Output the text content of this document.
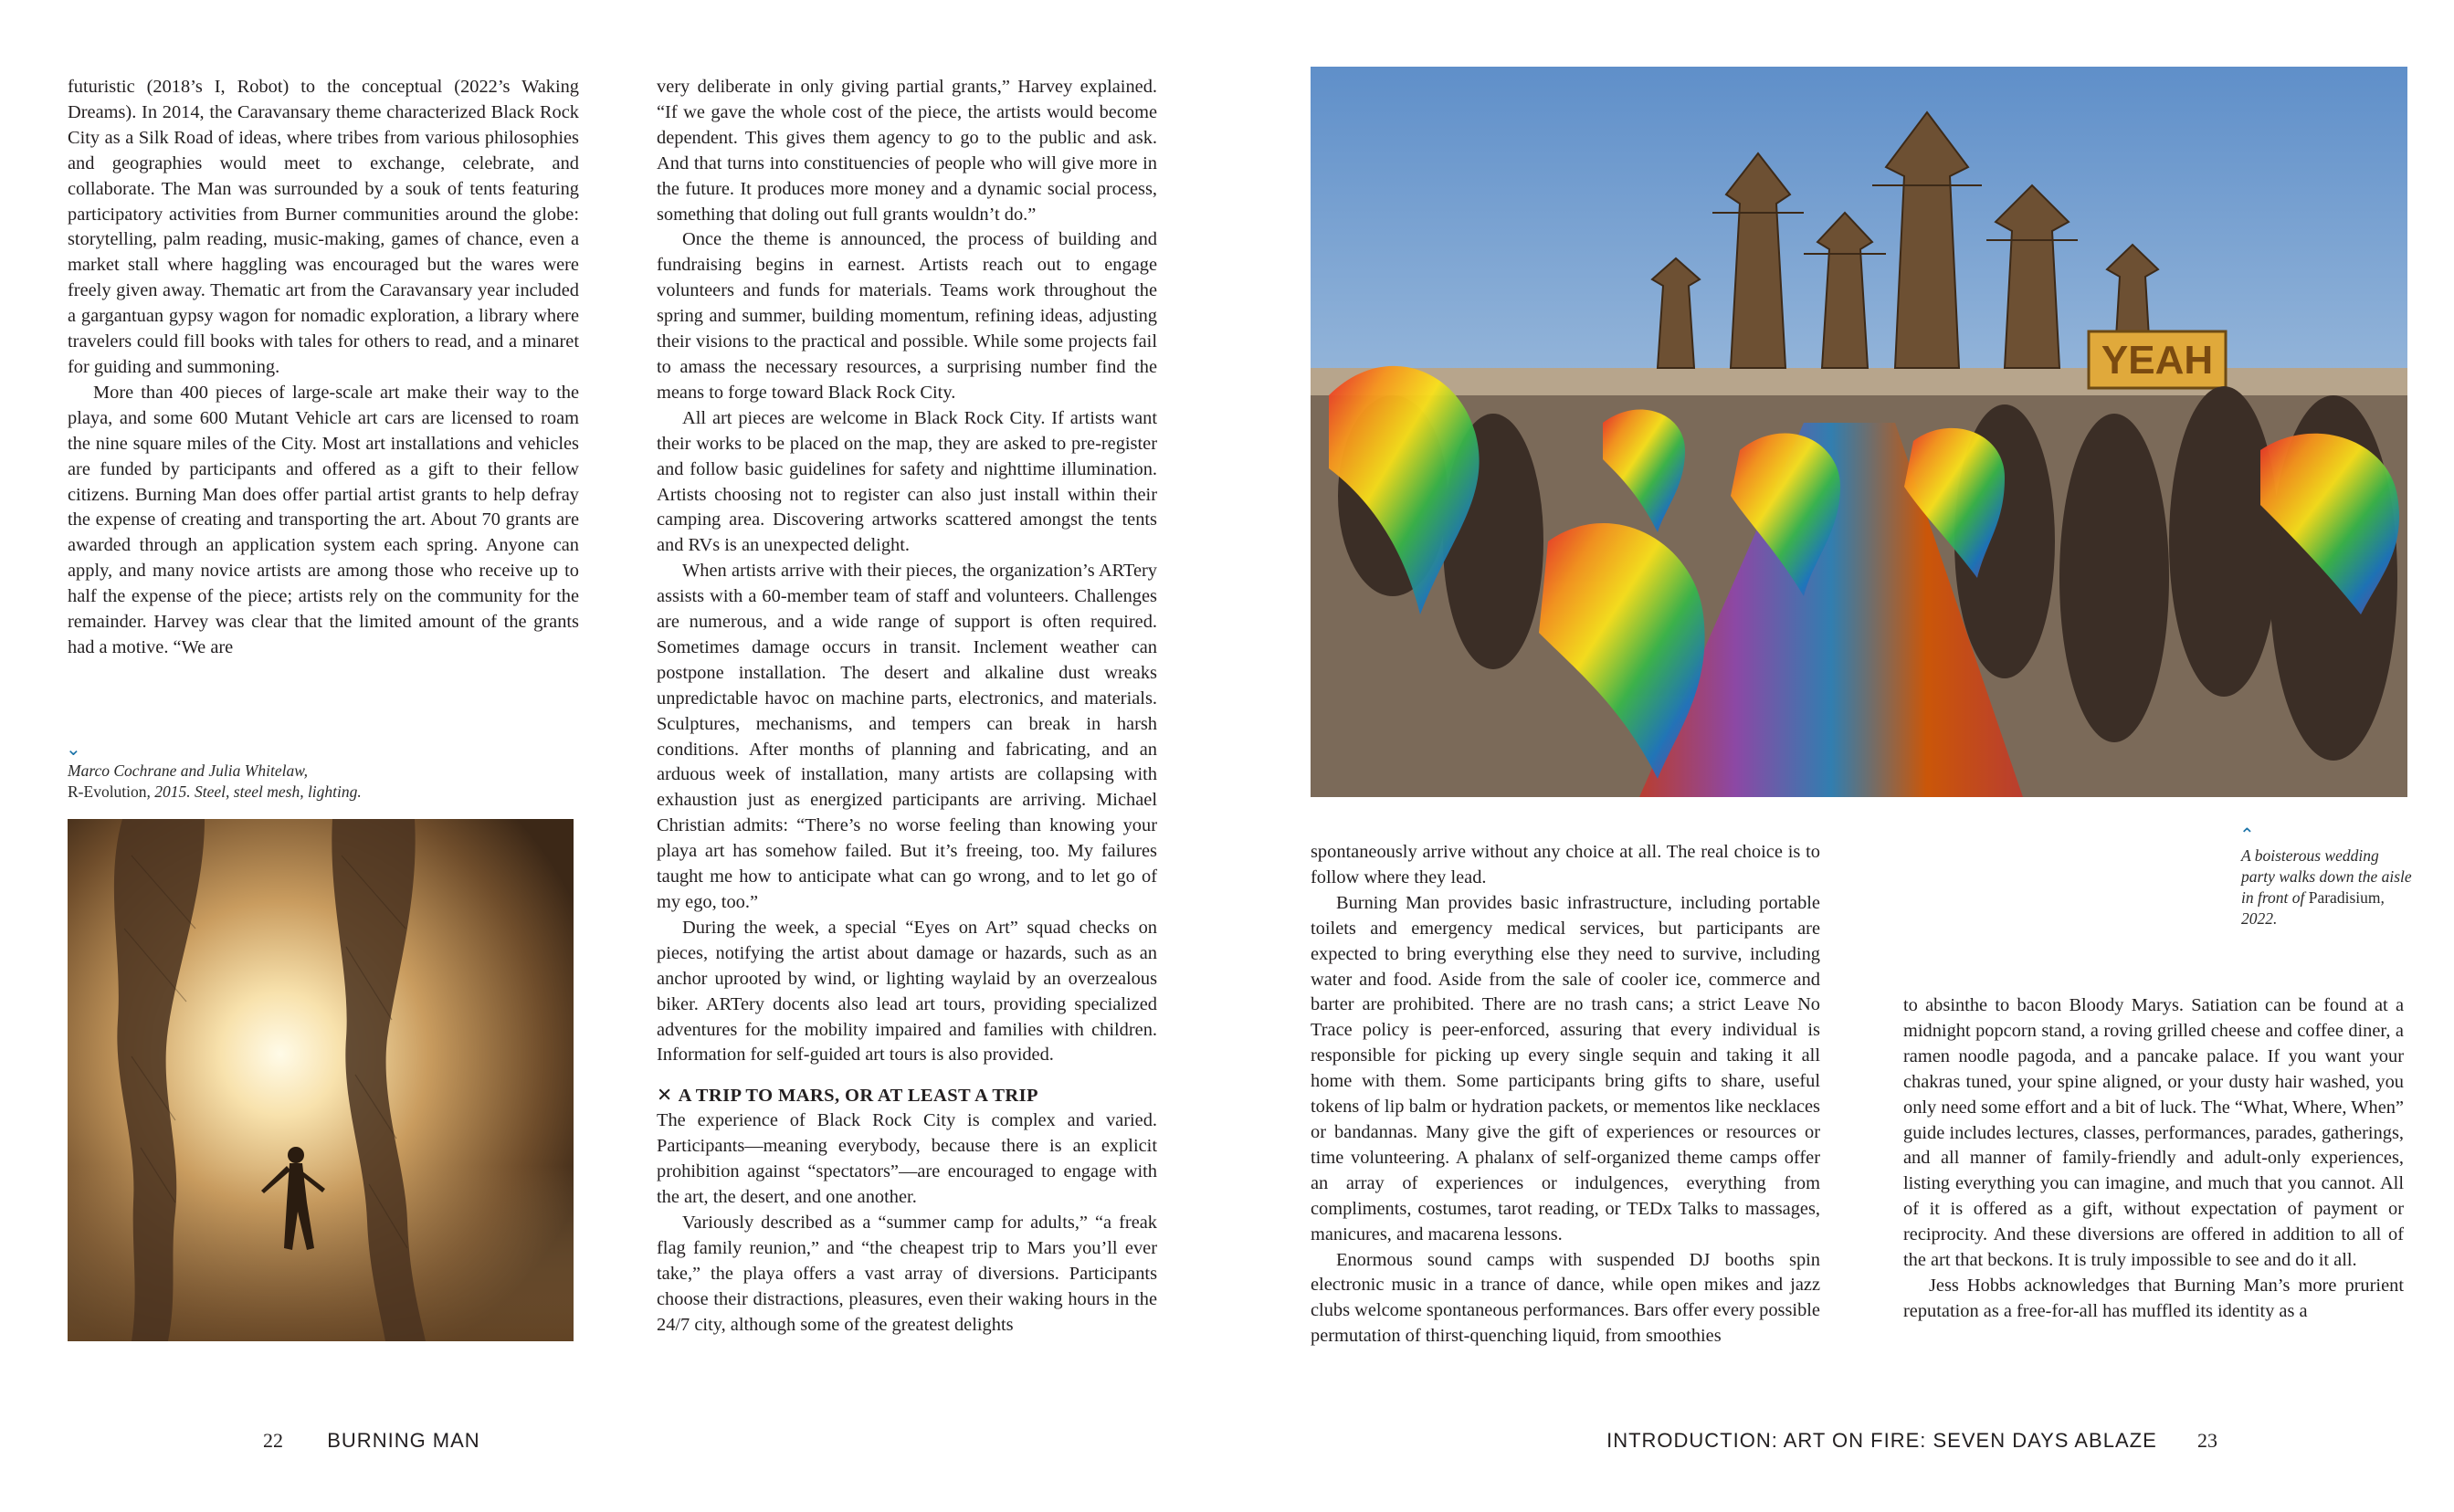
futuristic (2018’s I, Robot) to the conceptual (2022’s Waking Dreams). In 2014, the Caravansary theme characterized Black Rock City as a Silk Road of ideas, where tribes from various philosophies and geographies would meet to exchange, celebrate, and collaborate. The Man was surrounded by a souk of tents featuring participatory activities from Burner communities around the globe: storytelling, palm reading, music-making, games of chance, even a market stall where haggling was encouraged but the wares were freely given away. Thematic art from the Caravansary year included a gargantuan gypsy wagon for nomadic exploration, a library where travelers could fill books with tales for others to read, and a minaret for guiding and summoning.

More than 400 pieces of large-scale art make their way to the playa, and some 600 Mutant Vehicle art cars are licensed to roam the nine square miles of the City. Most art installations and vehicles are funded by participants and offered as a gift to their fellow citizens. Burning Man does offer partial artist grants to help defray the expense of creating and transporting the art. About 70 grants are awarded through an application system each spring. Anyone can apply, and many novice artists are among those who receive up to half the expense of the piece; artists rely on the community for the remainder. Harvey was clear that the limited amount of the grants had a motive. “We are

⌄
Marco Cochrane and Julia Whitelaw,
R-Evolution, 2015. Steel, steel mesh, lighting.

very deliberate in only giving partial grants,” Harvey explained. “If we gave the whole cost of the piece, the artists would become dependent. This gives them agency to go to the public and ask. And that turns into constituencies of people who will give more in the future. It produces more money and a dynamic social process, something that doling out full grants wouldn’t do.”

Once the theme is announced, the process of building and fundraising begins in earnest. Artists reach out to engage volunteers and funds for materials. Teams work throughout the spring and summer, building momentum, refining ideas, adjusting their visions to the practical and possible. While some projects fail to amass the necessary resources, a surprising number find the means to forge toward Black Rock City.

All art pieces are welcome in Black Rock City. If artists want their works to be placed on the map, they are asked to pre-register and follow basic guidelines for safety and nighttime illumination. Artists choosing not to register can also just install within their camping area. Discovering artworks scattered amongst the tents and RVs is an unexpected delight.

When artists arrive with their pieces, the organization’s ARTery assists with a 60-member team of staff and volunteers. Challenges are numerous, and a wide range of support is often required. Sometimes damage occurs in transit. Inclement weather can postpone installation. The desert and alkaline dust wreaks unpredictable havoc on machine parts, electronics, and materials. Sculptures, mechanisms, and tempers can break in harsh conditions. After months of planning and fabricating, and an arduous week of installation, many artists are collapsing with exhaustion just as energized participants are arriving. Michael Christian admits: “There’s no worse feeling than knowing your playa art has somehow failed. But it’s freeing, too. My failures taught me how to anticipate what can go wrong, and to let go of my ego, too.”

During the week, a special “Eyes on Art” squad checks on pieces, notifying the artist about damage or hazards, such as an anchor uprooted by wind, or lighting waylaid by an overzealous biker. ARTery docents also lead art tours, providing specialized adventures for the mobility impaired and families with children. Information for self-guided art tours is also provided.

✕ A TRIP TO MARS, OR AT LEAST A TRIP

The experience of Black Rock City is complex and varied. Participants—meaning everybody, because there is an explicit prohibition against “spectators”—are encouraged to engage with the art, the desert, and one another.

Variously described as a “summer camp for adults,” “a freak flag family reunion,” and “the cheapest trip to Mars you’ll ever take,” the playa offers a vast array of diversions. Participants choose their distractions, pleasures, even their waking hours in the 24/7 city, although some of the greatest delights

22 BURNING MAN
YEAH
⌃
A boisterous wedding
party walks down the aisle
in front of Paradisium,
2022.

spontaneously arrive without any choice at all. The real choice is to follow where they lead.

Burning Man provides basic infrastructure, including portable toilets and emergency medical services, but participants are expected to bring everything else they need to survive, including water and food. Aside from the sale of cooler ice, commerce and barter are prohibited. There are no trash cans; a strict Leave No Trace policy is peer-enforced, assuring that every individual is responsible for picking up every single sequin and taking it all home with them. Some participants bring gifts to share, useful tokens of lip balm or hydration packets, or mementos like necklaces or bandannas. Many give the gift of experiences or resources or time volunteering. A phalanx of self-organized theme camps offer an array of experiences or indulgences, everything from compliments, costumes, tarot reading, or TEDx Talks to massages, manicures, and macarena lessons.

Enormous sound camps with suspended DJ booths spin electronic music in a trance of dance, while open mikes and jazz clubs welcome spontaneous performances. Bars offer every possible permutation of thirst-quenching liquid, from smoothies

to absinthe to bacon Bloody Marys. Satiation can be found at a midnight popcorn stand, a roving grilled cheese and coffee diner, a ramen noodle pagoda, and a pancake palace. If you want your chakras tuned, your spine aligned, or your dusty hair washed, you only need some effort and a bit of luck. The “What, Where, When” guide includes lectures, classes, performances, parades, gatherings, and all manner of family-friendly and adult-only experiences, listing everything you can imagine, and much that you cannot. All of it is offered as a gift, without expectation of payment or reciprocity. And these diversions are offered in addition to all of the art that beckons. It is truly impossible to see and do it all.

Jess Hobbs acknowledges that Burning Man’s more prurient reputation as a free-for-all has muffled its identity as a

INTRODUCTION: ART ON FIRE: SEVEN DAYS ABLAZE 23
